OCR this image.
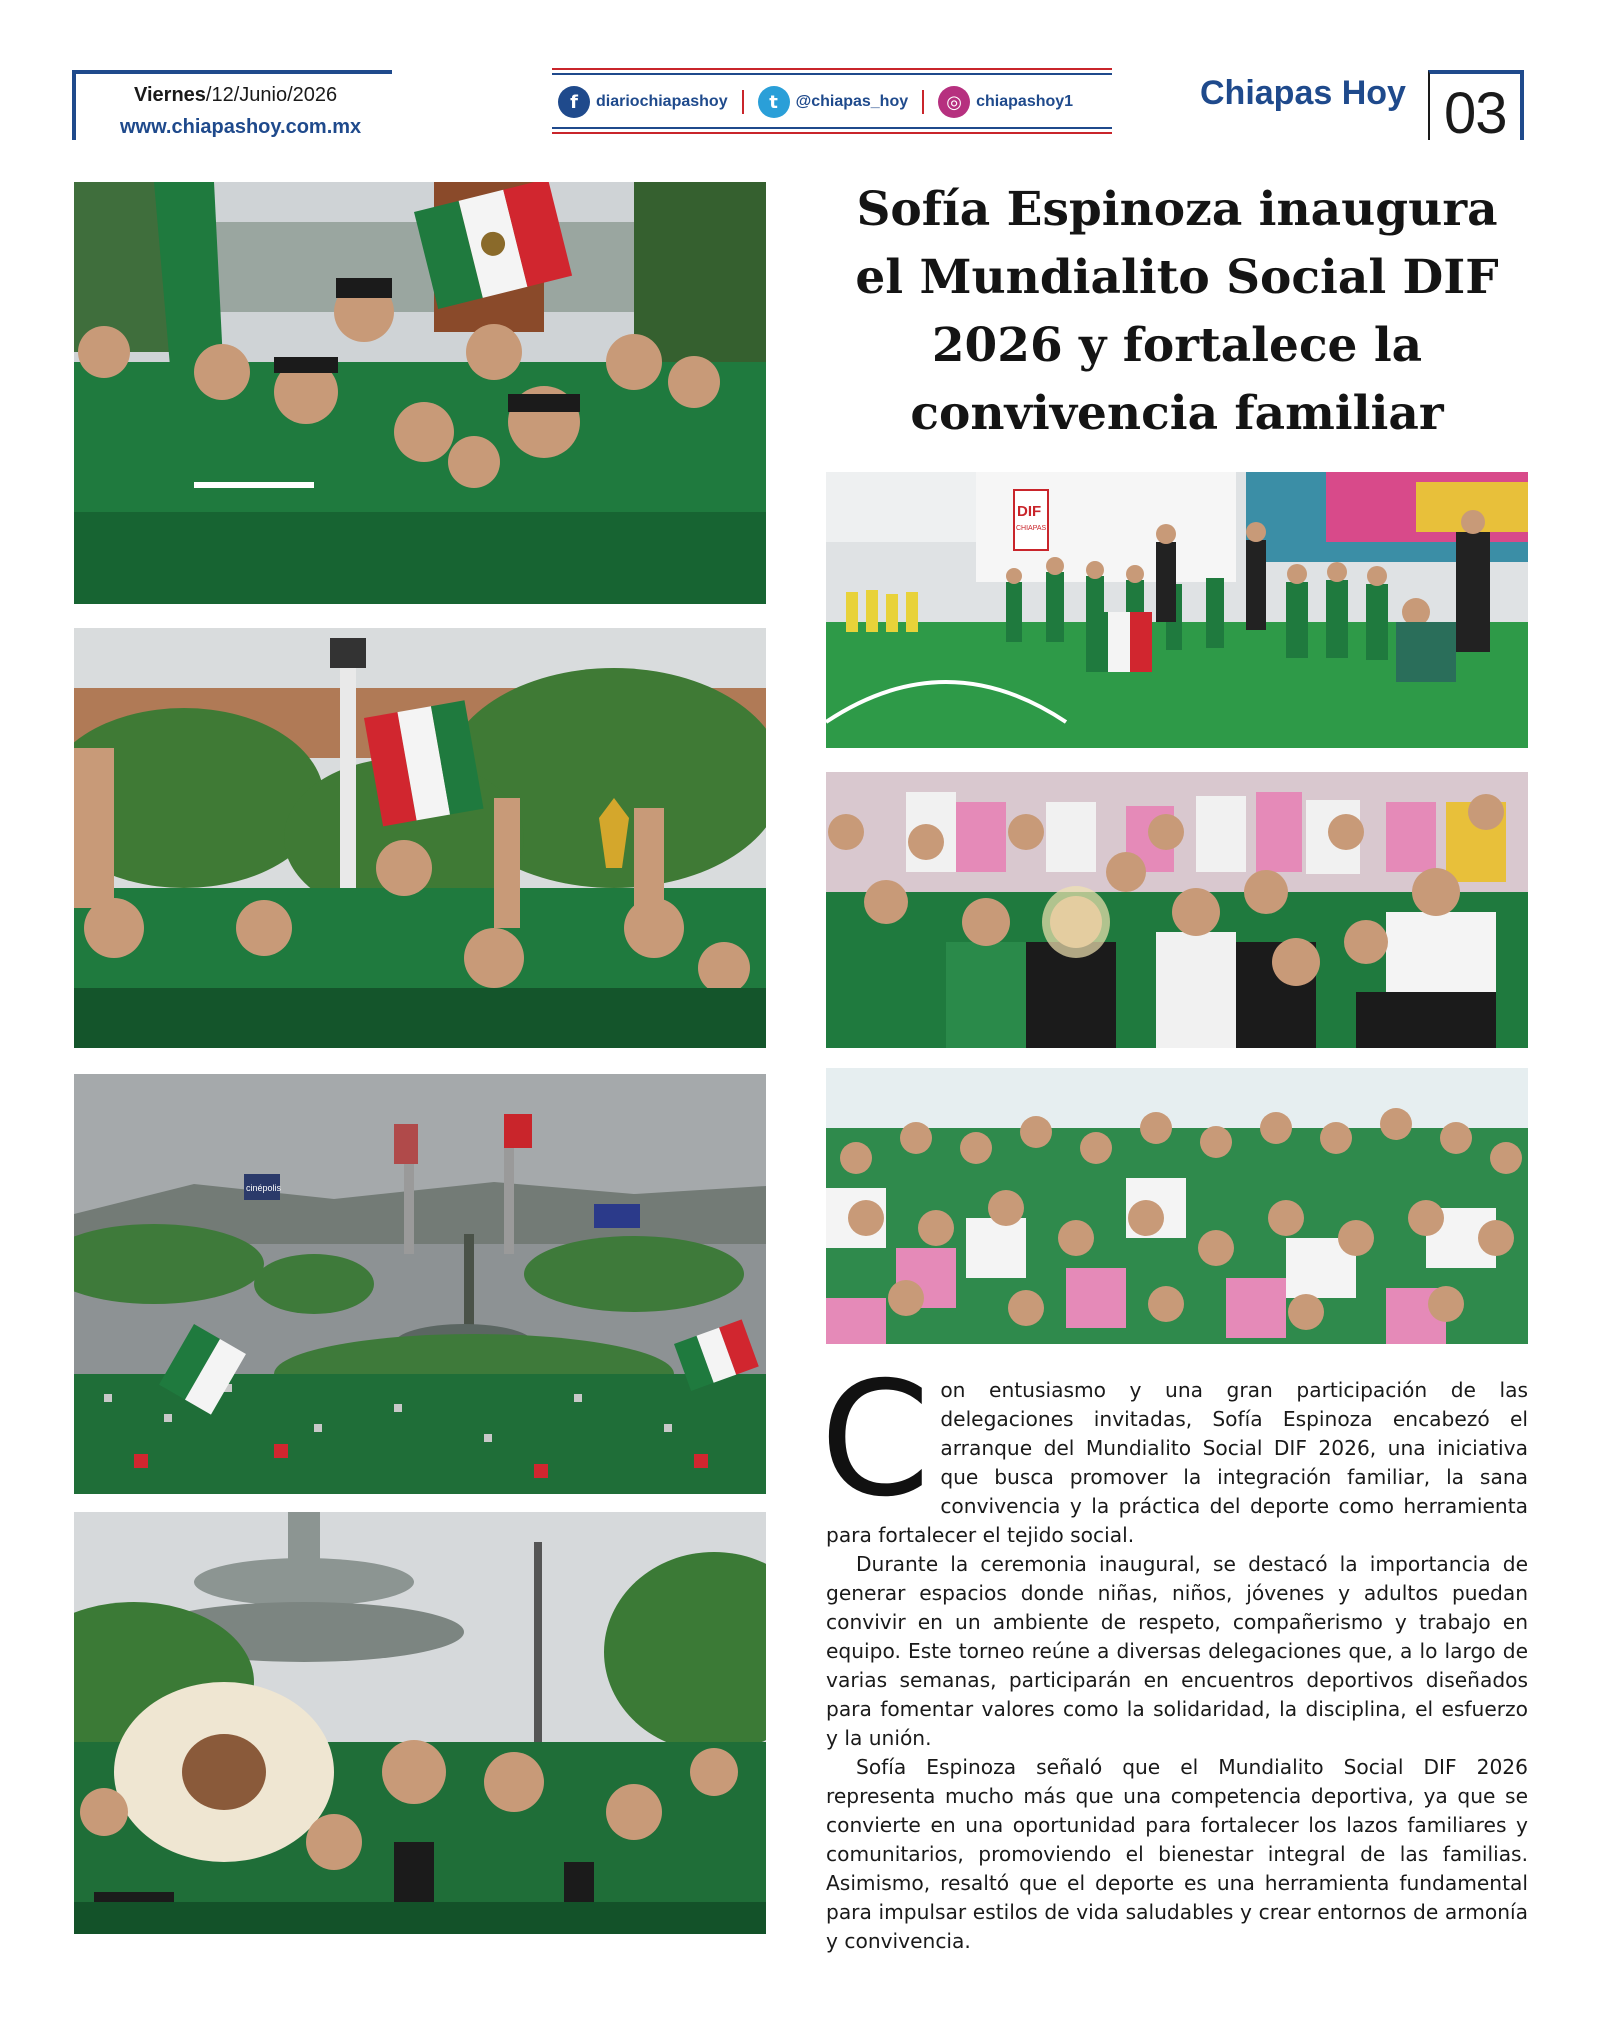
Viernes/12/Junio/2026
www.chiapashoy.com.mx
f	diariochiapashoy	t	@chiapas_hoy	◎ chiapashoy1	Chiapas Hoy 03
cinépolis
Sofía Espinoza inaugura el Mundialito Social DIF 2026 y fortalece la convivencia familiar
DIF
CHIAPAS

Con entusiasmo y una gran participación de las delegaciones invitadas, Sofía Espinoza encabezó el arranque del Mundialito Social DIF 2026, una iniciativa que busca promover la integración familiar, la sana convivencia y la práctica del deporte como herramienta para fortalecer el tejido social.

Durante la ceremonia inaugural, se destacó la importancia de generar espacios donde niñas, niños, jóvenes y adultos puedan convivir en un ambiente de respeto, compañerismo y trabajo en equipo. Este torneo reúne a diversas delegaciones que, a lo largo de varias semanas, participarán en encuentros deportivos diseñados para fomentar valores como la solidaridad, la disciplina, el esfuerzo y la unión.

Sofía Espinoza señaló que el Mundialito Social DIF 2026 representa mucho más que una competencia deportiva, ya que se convierte en una oportunidad para fortalecer los lazos familiares y comunitarios, promoviendo el bienestar integral de las familias. Asimismo, resaltó que el deporte es una herramienta fundamental para impulsar estilos de vida saludables y crear entornos de armonía y convivencia.
